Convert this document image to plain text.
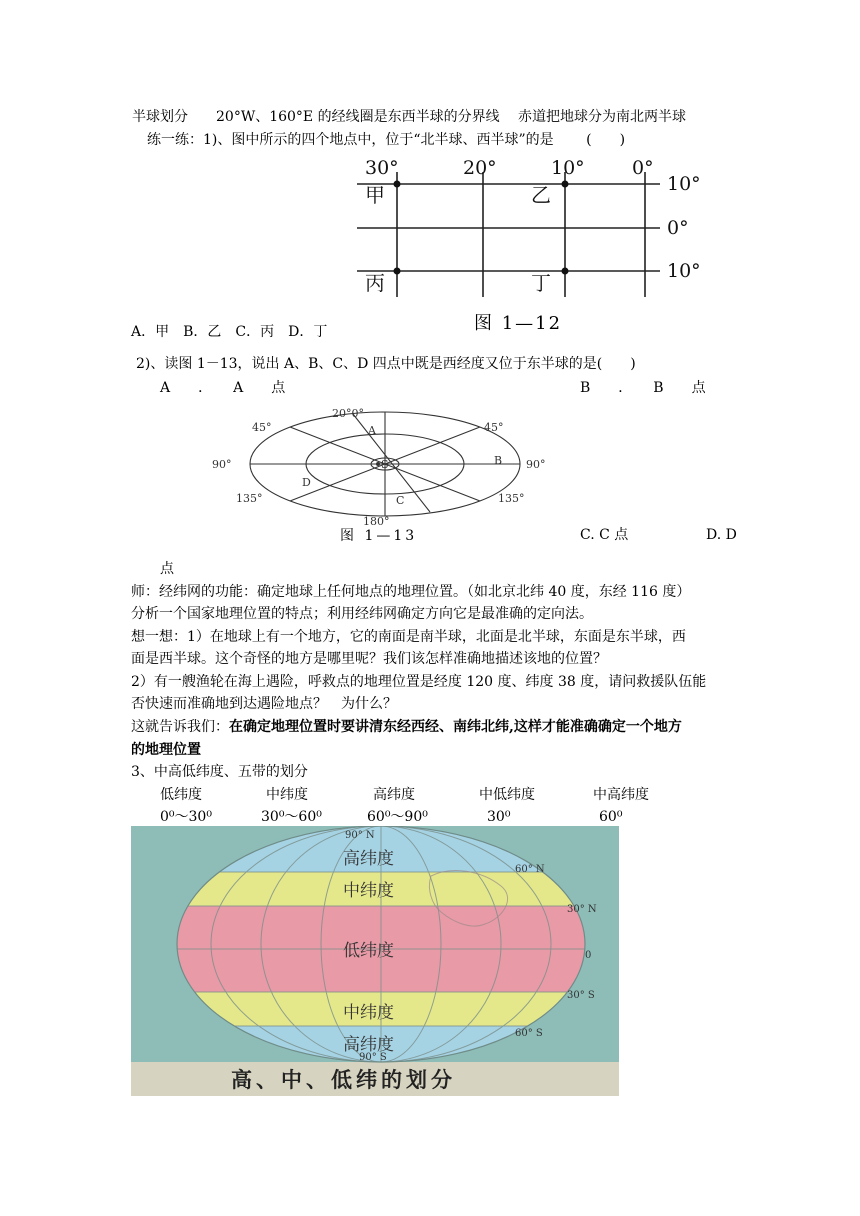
半球划分　　20°W、160°E 的经线圈是东西半球的分界线　 赤道把地球分为南北两半球
练一练：1)、图中所示的四个地点中，位于“北半球、西半球”的是　　 (　　)
30°	20°	10° 0°
10°
0°
10°
甲	乙
丙	丁
A．甲　B．乙　C．丙　D．丁	图 1—12
2)、读图 1－13，说出 A、B、C、D 四点中既是西经度又位于东半球的是(　　)
A　　．　　A　　点	B　　．　　B　　点
20°0°
45°	45°
90°	90°
135°	135°
180°
S
A
B
C
D
图 1—13	C. C 点	D. D
点
师：经纬网的功能：确定地球上任何地点的地理位置。（如北京北纬 40 度，东经 116 度）
分析一个国家地理位置的特点；利用经纬网确定方向它是最准确的定向法。
想一想：1）在地球上有一个地方，它的南面是南半球，北面是北半球，东面是东半球，西
面是西半球。这个奇怪的地方是哪里呢？我们该怎样准确地描述该地的位置？
2）有一艘渔轮在海上遇险，呼救点的地理位置是经度 120 度、纬度 38 度，请问救援队伍能
否快速而准确地到达遇险地点？　为什么？
这就告诉我们：在确定地理位置时要讲清东经西经、南纬北纬,这样才能准确确定一个地方
的地理位置
3、中高低纬度、五带的划分
低纬度	中纬度	高纬度	中低纬度	中高纬度
0⁰～30⁰	30⁰～60⁰	60⁰～90⁰	30⁰	60⁰
高纬度
中纬度
低纬度
中纬度
高纬度
90° N
60° N
30° N
0
30° S
60° S
90° S
高、中、低纬的划分
